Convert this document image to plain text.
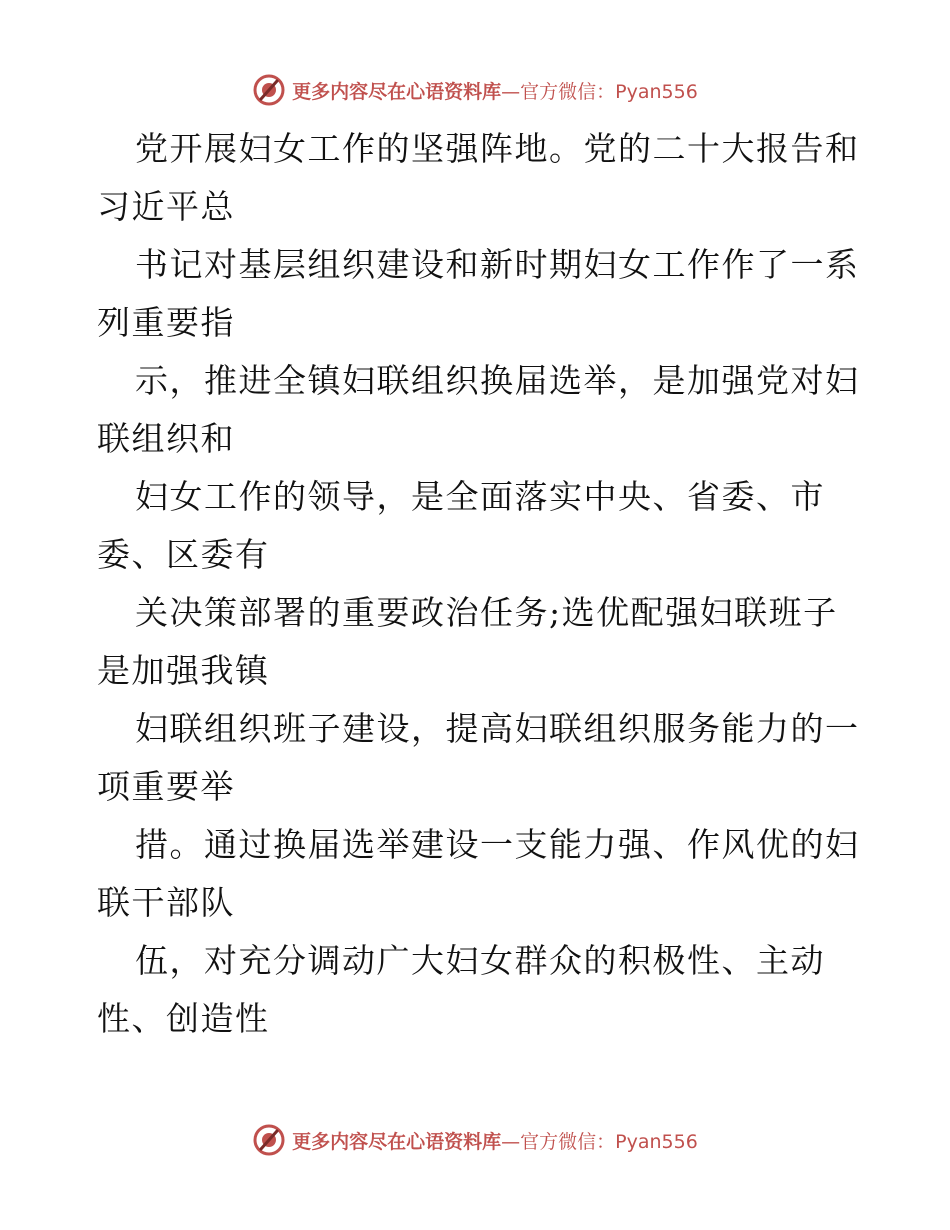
更多内容尽在心语资料库—官方微信：Pyan556
党开展妇女工作的坚强阵地。党的二十大报告和
习近平总
书记对基层组织建设和新时期妇女工作作了一系
列重要指
示，推进全镇妇联组织换届选举，是加强党对妇
联组织和
妇女工作的领导，是全面落实中央、省委、市
委、区委有
关决策部署的重要政治任务;选优配强妇联班子
是加强我镇
妇联组织班子建设，提高妇联组织服务能力的一
项重要举
措。通过换届选举建设一支能力强、作风优的妇
联干部队
伍，对充分调动广大妇女群众的积极性、主动
性、创造性
更多内容尽在心语资料库—官方微信：Pyan556
